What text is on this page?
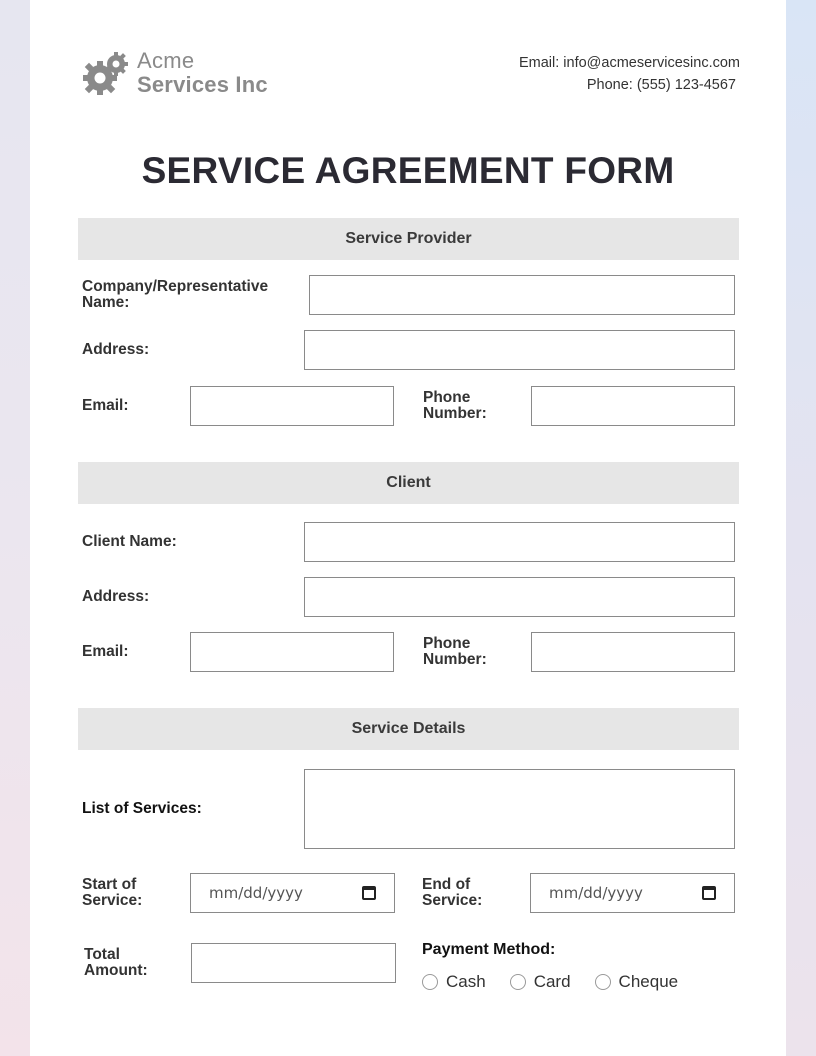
Acme
Services Inc
Email: info@acmeservicesinc.com
Phone: (555) 123-4567
SERVICE AGREEMENT FORM
Service Provider
Company/Representative
Name:
Address:
Email:	Phone
Number:
Client
Client Name:
Address:
Email:	Phone
Number:
Service Details
List of Services:
Start of
Service:	mm/dd/yyyy	End of
Service:	mm/dd/yyyy
Total
Amount:
Payment Method:
Cash	Card	Cheque
